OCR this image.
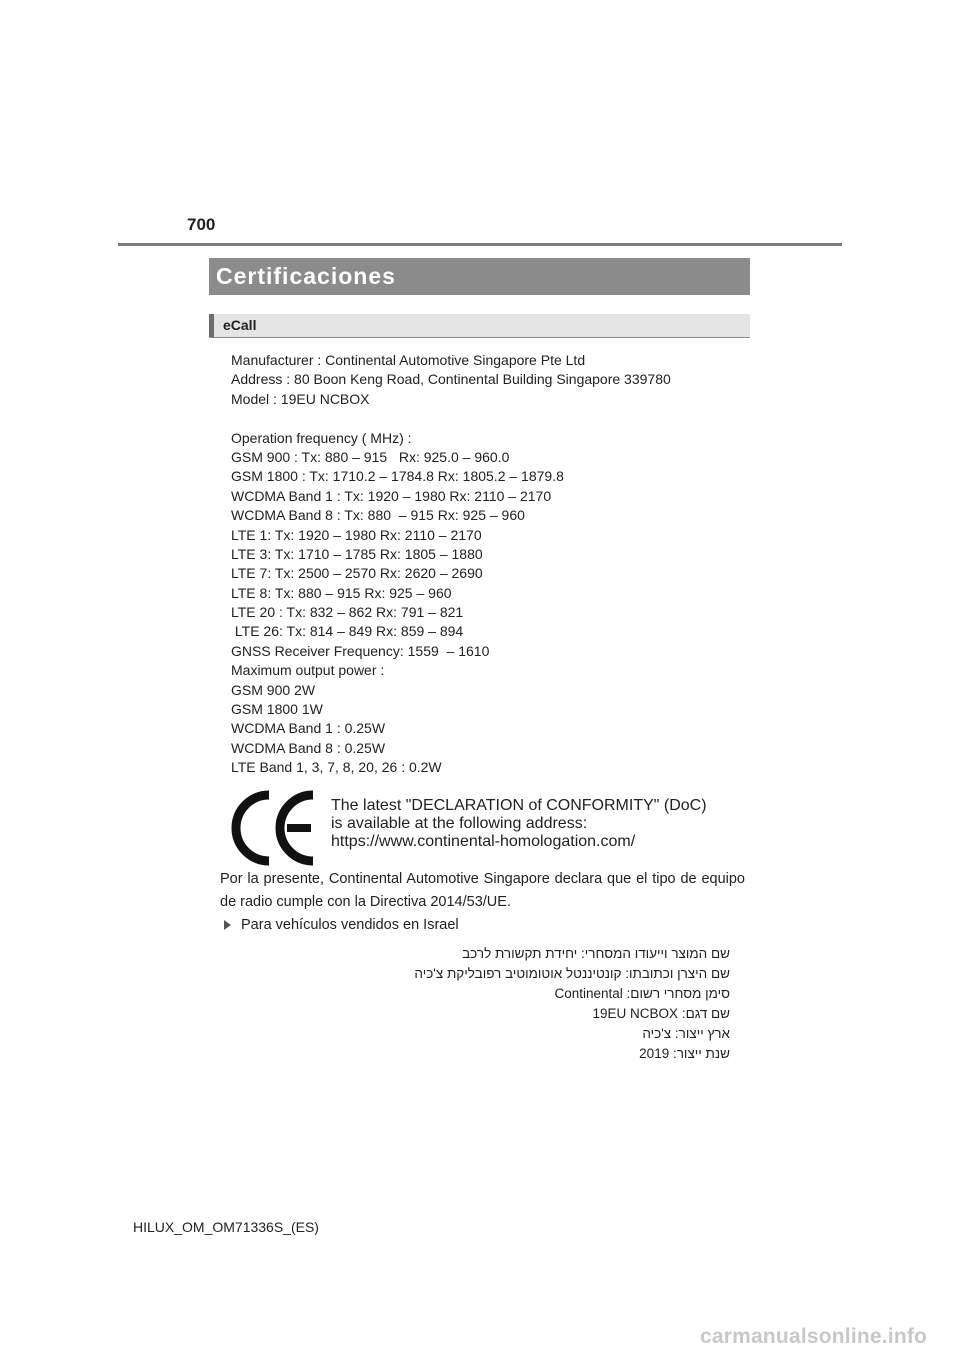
700
Certificaciones
eCall
Manufacturer : Continental Automotive Singapore Pte Ltd
Address : 80 Boon Keng Road, Continental Building Singapore 339780
Model : 19EU NCBOX
Operation frequency ( MHz) :
GSM 900 : Tx: 880 – 915   Rx: 925.0 – 960.0
GSM 1800 : Tx: 1710.2 – 1784.8 Rx: 1805.2 – 1879.8
WCDMA Band 1 : Tx: 1920 – 1980 Rx: 2110 – 2170
WCDMA Band 8 : Tx: 880  – 915 Rx: 925 – 960
LTE 1: Tx: 1920 – 1980 Rx: 2110 – 2170
LTE 3: Tx: 1710 – 1785 Rx: 1805 – 1880
LTE 7: Tx: 2500 – 2570 Rx: 2620 – 2690
LTE 8: Tx: 880 – 915 Rx: 925 – 960
LTE 20 : Tx: 832 – 862 Rx: 791 – 821
LTE 26: Tx: 814 – 849 Rx: 859 – 894
GNSS Receiver Frequency: 1559  – 1610
Maximum output power :
GSM 900 2W
GSM 1800 1W
WCDMA Band 1 : 0.25W
WCDMA Band 8 : 0.25W
LTE Band 1, 3, 7, 8, 20, 26 : 0.2W
The latest "DECLARATION of CONFORMITY" (DoC)
is available at the following address:
https://www.continental-homologation.com/
Por la presente, Continental Automotive Singapore declara que el tipo de equipo de radio cumple con la Directiva 2014/53/UE.
Para vehículos vendidos en Israel
שם המוצר וייעודו המסחרי: יחידת תקשורת לרכב
שם היצרן וכתובתו: קונטיננטל אוטומוטיב רפובליקת צ'כיה
סימן מסחרי רשום: Continental
שם דגם: 19EU NCBOX
ארץ ייצור: צ'כיה
שנת ייצור: 2019
HILUX_OM_OM71336S_(ES)
carmanualsonline.info
